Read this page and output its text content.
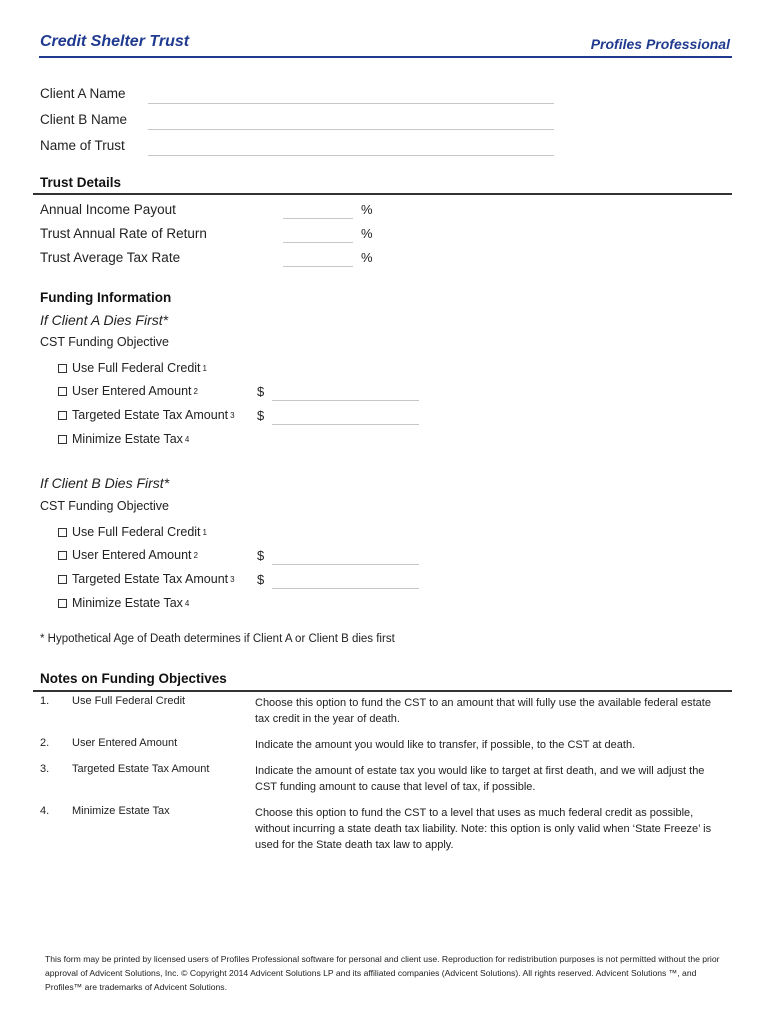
Credit Shelter Trust	Profiles Professional
Client A Name
Client B Name
Name of Trust
Trust Details
Annual Income Payout	%
Trust Annual Rate of Return	%
Trust Average Tax Rate	%
Funding Information
If Client A Dies First*
CST Funding Objective
Use Full Federal Credit 1
User Entered Amount 2	$
Targeted Estate Tax Amount 3 $
Minimize Estate Tax 4
If Client B Dies First*
CST Funding Objective
Use Full Federal Credit 1
User Entered Amount 2	$
Targeted Estate Tax Amount 3 $
Minimize Estate Tax 4
* Hypothetical Age of Death determines if Client A or Client B dies first
Notes on Funding Objectives
1. Use Full Federal Credit	Choose this option to fund the CST to an amount that will fully use the available federal estate tax credit in the year of death.
2. User Entered Amount	Indicate the amount you would like to transfer, if possible, to the CST at death.
3. Targeted Estate Tax Amount	Indicate the amount of estate tax you would like to target at first death, and we will adjust the CST funding amount to cause that level of tax, if possible.
4. Minimize Estate Tax	Choose this option to fund the CST to a level that uses as much federal credit as possible, without incurring a state death tax liability. Note: this option is only valid when ‘State Freeze’ is used for the State death tax law to apply.
This form may be printed by licensed users of Profiles Professional software for personal and client use. Reproduction for redistribution purposes is not permitted without the prior approval of Advicent Solutions, Inc. © Copyright 2014 Advicent Solutions LP and its affiliated companies (Advicent Solutions). All rights reserved. Advicent Solutions ™, and Profiles™ are trademarks of Advicent Solutions.
